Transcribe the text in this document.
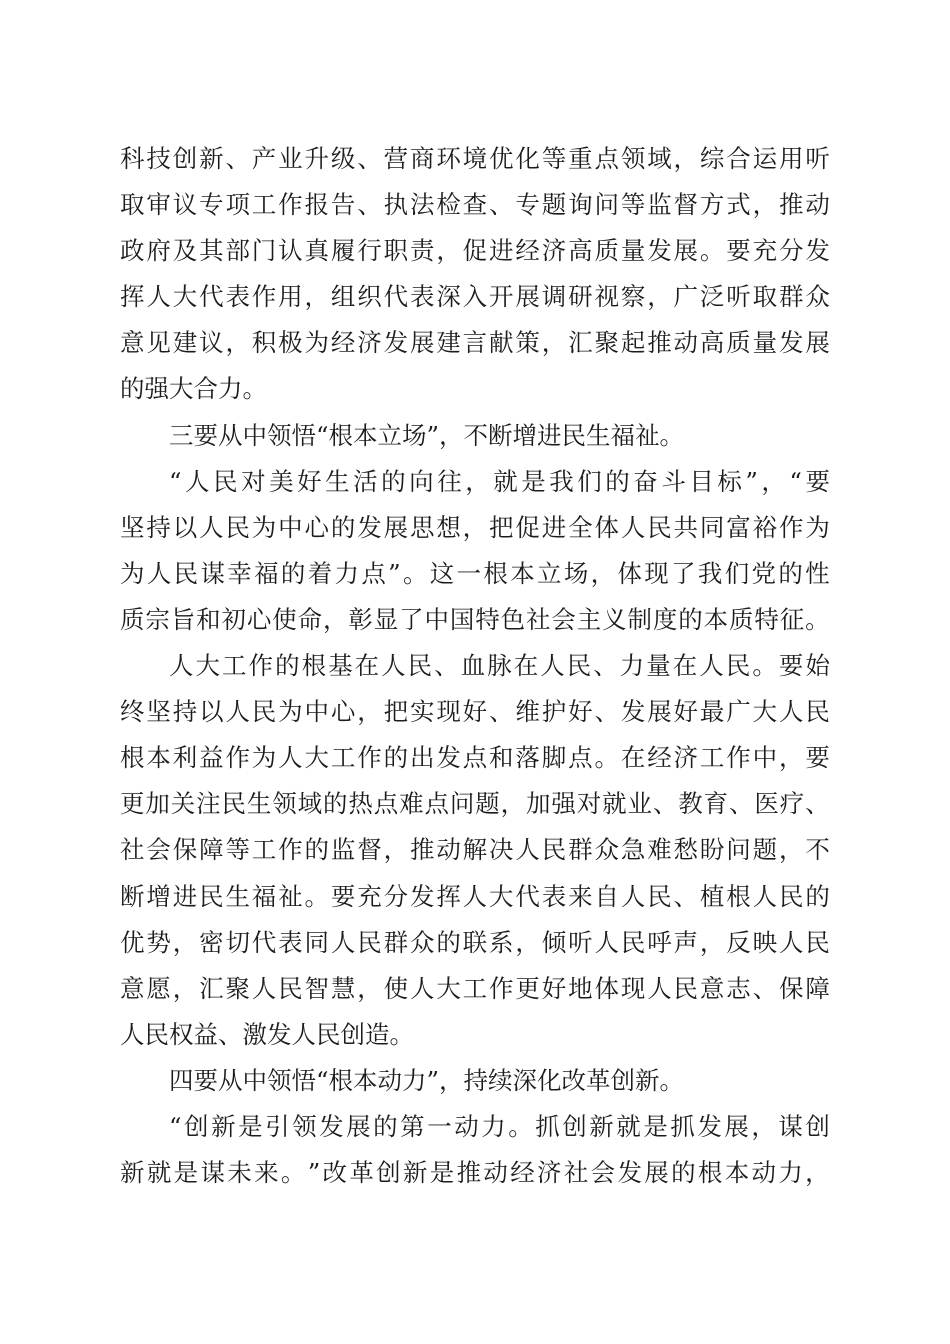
科 技 创 新 、 产 业 升 级 、 营 商 环 境 优 化 等 重 点 领 域 ， 综 合 运 用 听
取 审 议 专 项 工 作 报 告 、 执 法 检 查 、 专 题 询 问 等 监 督 方 式 ， 推 动
政 府 及 其 部 门 认 真 履 行 职 责 ， 促 进 经 济 高 质 量 发 展 。 要 充 分 发
挥 人 大 代 表 作 用 ， 组 织 代 表 深 入 开 展 调 研 视 察 ， 广 泛 听 取 群 众
意 见 建 议 ， 积 极 为 经 济 发 展 建 言 献 策 ， 汇 聚 起 推 动 高 质 量 发 展
的强大合力。
三要从中领悟“根本立场”，不断增进民生福祉。
“ 人 民 对 美 好 生 活 的 向 往 ， 就 是 我 们 的 奋 斗 目 标 ” ， “ 要
坚 持 以 人 民 为 中 心 的 发 展 思 想 ， 把 促 进 全 体 人 民 共 同 富 裕 作 为
为 人 民 谋 幸 福 的 着 力 点 ” 。 这 一 根 本 立 场 ， 体 现 了 我 们 党 的 性
质 宗 旨 和 初 心 使 命 ， 彰 显 了 中 国 特 色 社 会 主 义 制 度 的 本 质 特 征 。
人 大 工 作 的 根 基 在 人 民 、 血 脉 在 人 民 、 力 量 在 人 民 。 要 始
终 坚 持 以 人 民 为 中 心 ， 把 实 现 好 、 维 护 好 、 发 展 好 最 广 大 人 民
根 本 利 益 作 为 人 大 工 作 的 出 发 点 和 落 脚 点 。 在 经 济 工 作 中 ， 要
更 加 关 注 民 生 领 域 的 热 点 难 点 问 题 ， 加 强 对 就 业 、 教 育 、 医 疗 、
社 会 保 障 等 工 作 的 监 督 ， 推 动 解 决 人 民 群 众 急 难 愁 盼 问 题 ， 不
断 增 进 民 生 福 祉 。 要 充 分 发 挥 人 大 代 表 来 自 人 民 、 植 根 人 民 的
优 势 ， 密 切 代 表 同 人 民 群 众 的 联 系 ， 倾 听 人 民 呼 声 ， 反 映 人 民
意 愿 ， 汇 聚 人 民 智 慧 ， 使 人 大 工 作 更 好 地 体 现 人 民 意 志 、 保 障
人民权益、激发人民创造。
四要从中领悟“根本动力”，持续深化改革创新。
“ 创 新 是 引 领 发 展 的 第 一 动 力 。 抓 创 新 就 是 抓 发 展 ， 谋 创
新 就 是 谋 未 来 。 ” 改 革 创 新 是 推 动 经 济 社 会 发 展 的 根 本 动 力 ，
